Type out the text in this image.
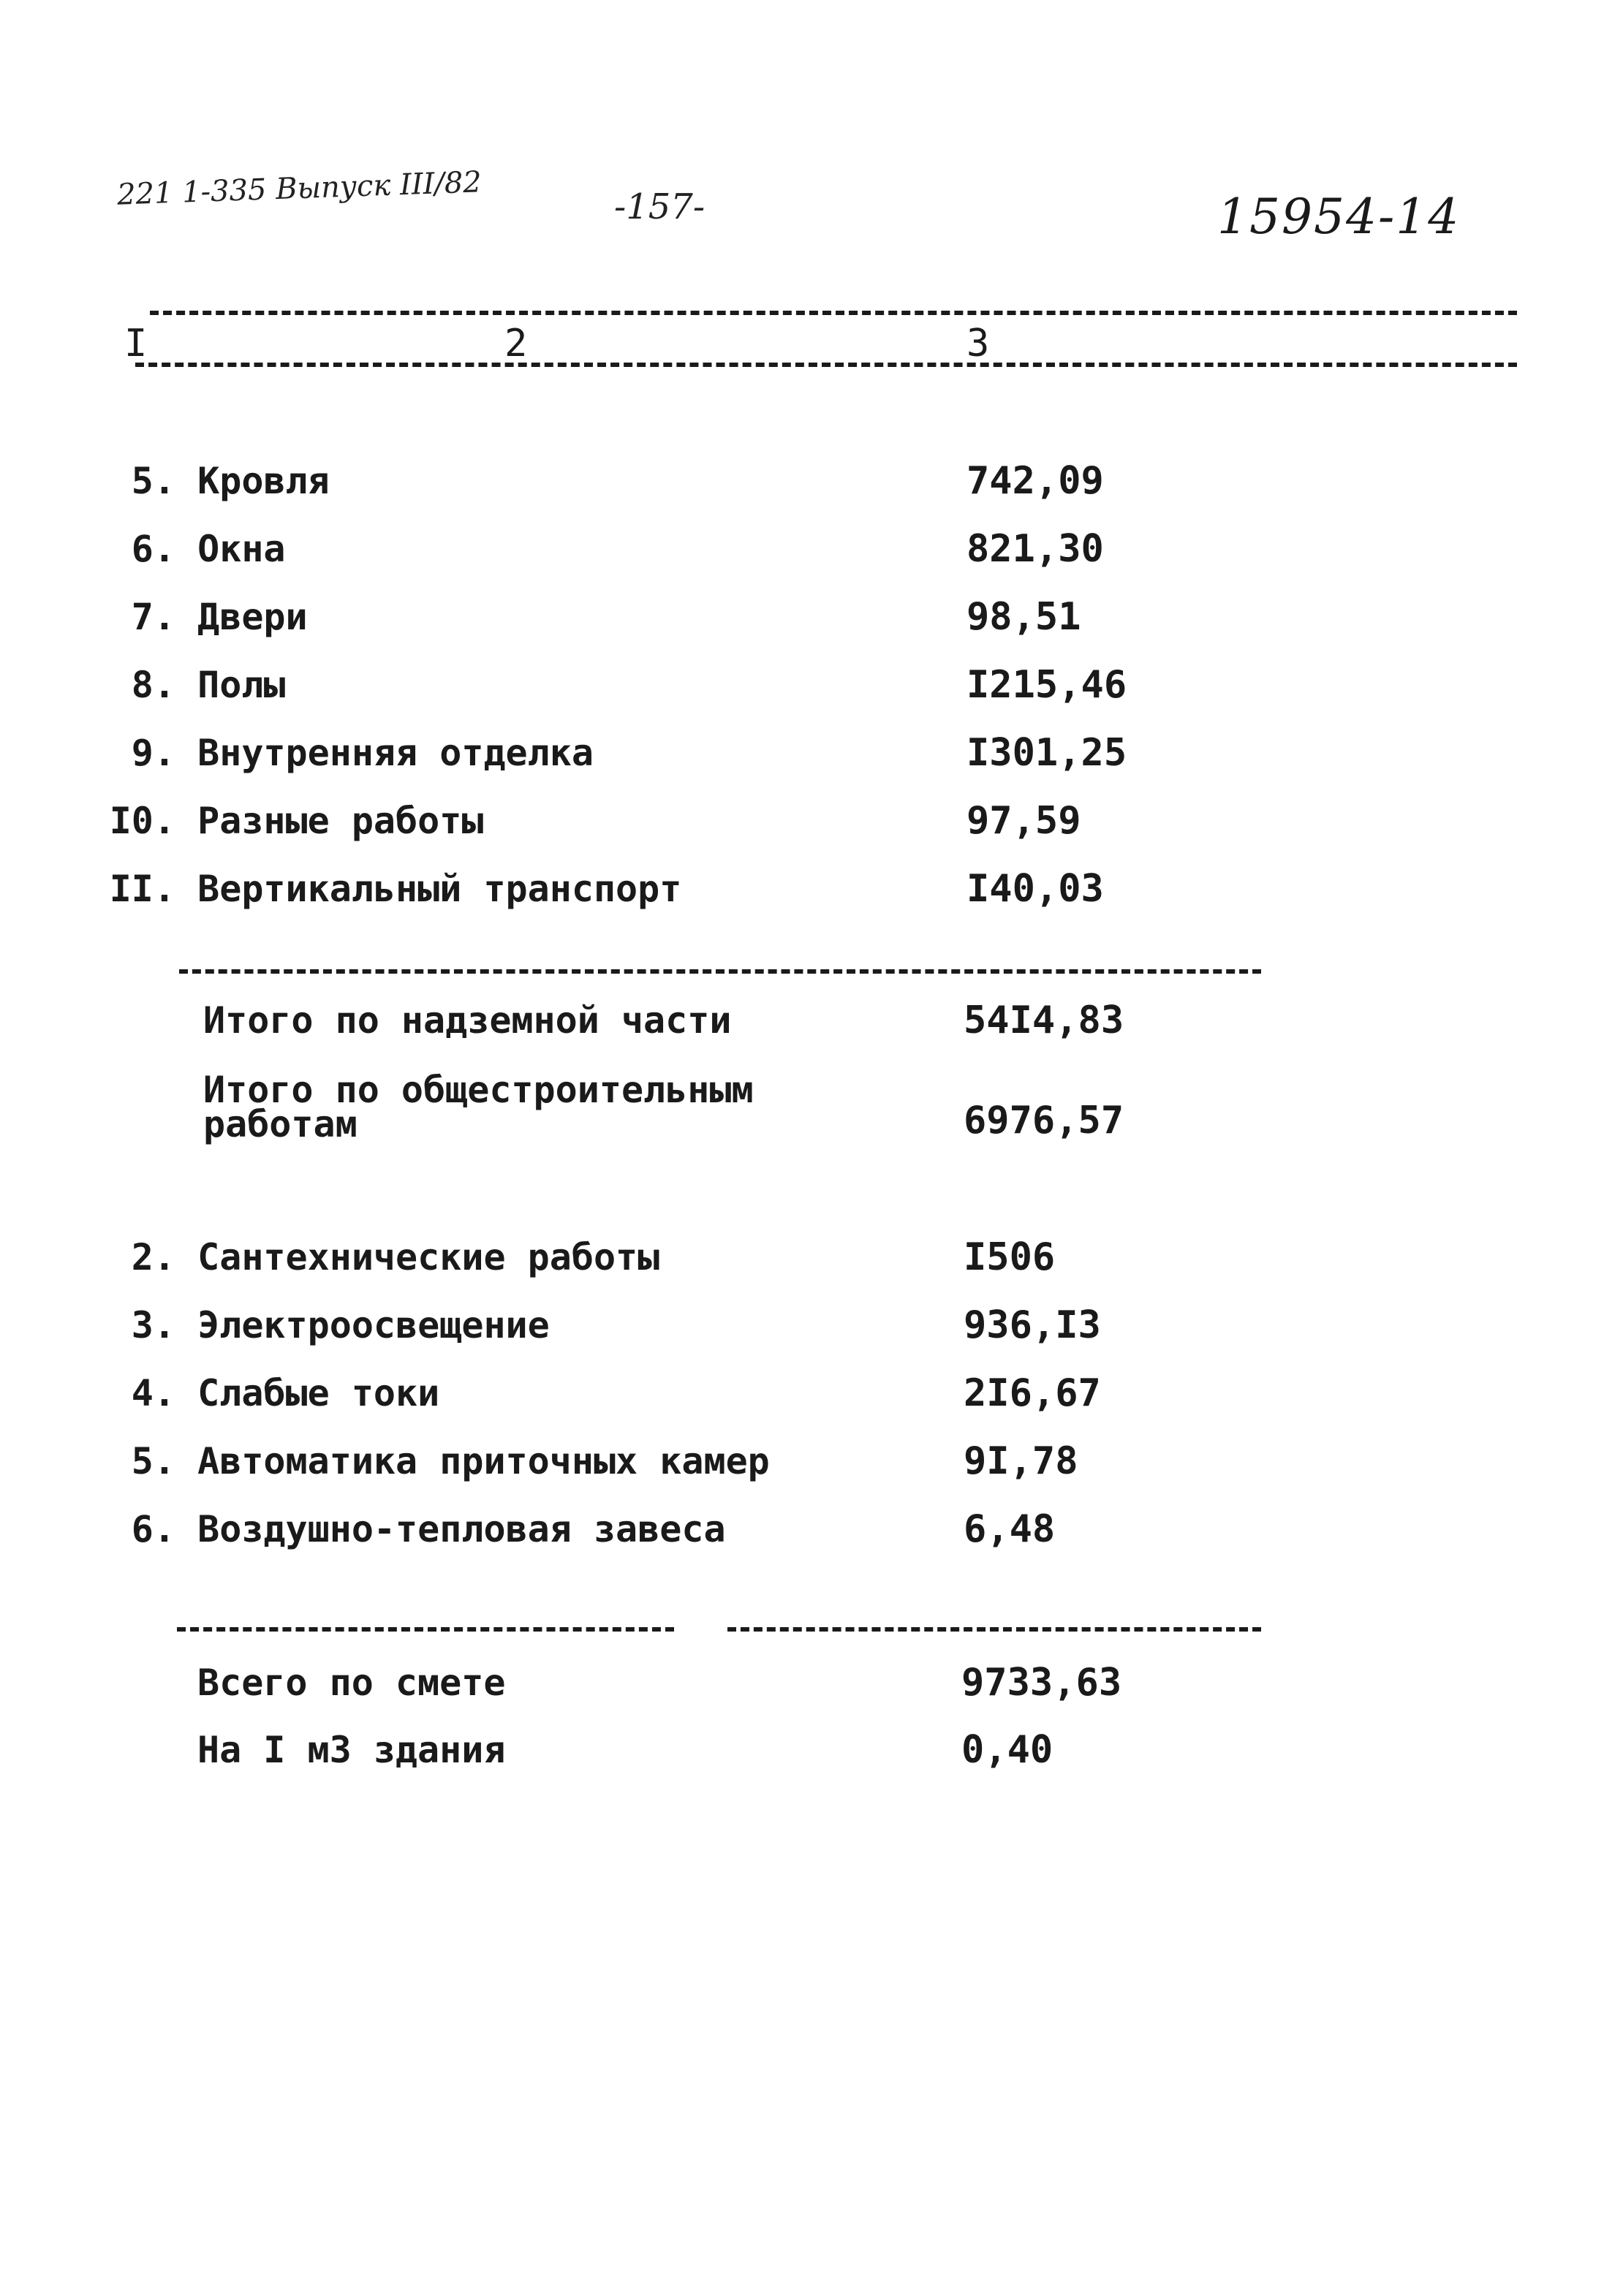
221 1-335 Выпуск III/82	-157-	15954-14
I	2	3
5. Кровля	742,09
6. Окна	821,30
7. Двери	98,51
8. Полы	I215,46
9. Внутренняя отделка	I301,25
I0. Разные работы	97,59
II. Вертикальный транспорт	I40,03
Итого по надземной части	54I4,83
Итого по общестроительным
работам	6976,57
2. Сантехнические работы	I506
3. Электроосвещение	936,I3
4. Слабые токи	2I6,67
5. Автоматика приточных камер	9I,78
6. Воздушно-тепловая завеса	6,48
Всего по смете	9733,63
На I м3 здания	0,40
